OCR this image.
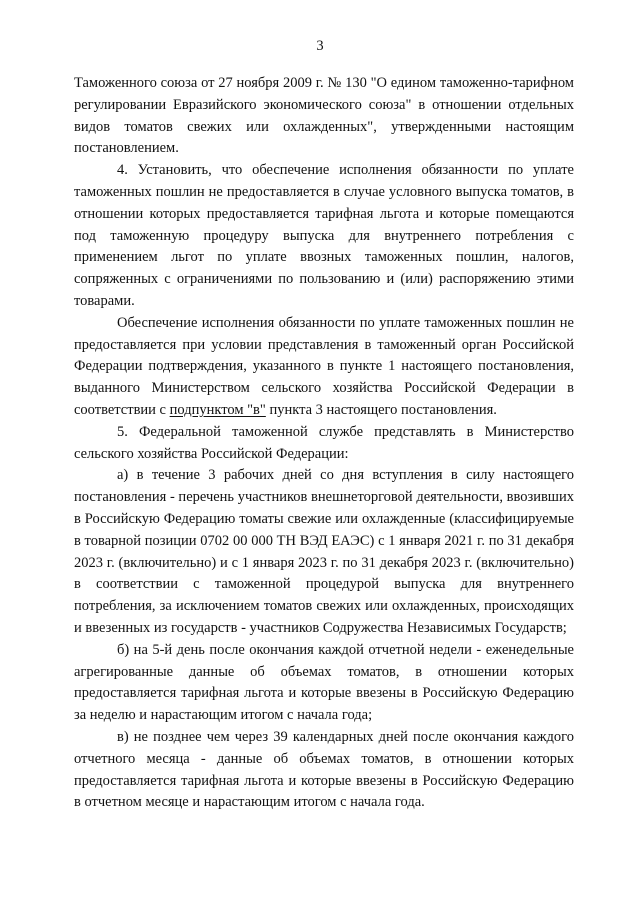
3

Таможенного союза от 27 ноября 2009 г. № 130 "О едином таможенно-тарифном регулировании Евразийского экономического союза" в отношении отдельных видов томатов свежих или охлажденных", утвержденными настоящим постановлением.

4. Установить, что обеспечение исполнения обязанности по уплате таможенных пошлин не предоставляется в случае условного выпуска томатов, в отношении которых предоставляется тарифная льгота и которые помещаются под таможенную процедуру выпуска для внутреннего потребления с применением льгот по уплате ввозных таможенных пошлин, налогов, сопряженных с ограничениями по пользованию и (или) распоряжению этими товарами.

Обеспечение исполнения обязанности по уплате таможенных пошлин не предоставляется при условии представления в таможенный орган Российской Федерации подтверждения, указанного в пункте 1 настоящего постановления, выданного Министерством сельского хозяйства Российской Федерации в соответствии с подпунктом "в" пункта 3 настоящего постановления.

5. Федеральной таможенной службе представлять в Министерство сельского хозяйства Российской Федерации:

а) в течение 3 рабочих дней со дня вступления в силу настоящего постановления - перечень участников внешнеторговой деятельности, ввозивших в Российскую Федерацию томаты свежие или охлажденные (классифицируемые в товарной позиции 0702 00 000 ТН ВЭД ЕАЭС) с 1 января 2021 г. по 31 декабря 2023 г. (включительно) и с 1 января 2023 г. по 31 декабря 2023 г. (включительно) в соответствии с таможенной процедурой выпуска для внутреннего потребления, за исключением томатов свежих или охлажденных, происходящих и ввезенных из государств - участников Содружества Независимых Государств;

б) на 5-й день после окончания каждой отчетной недели - еженедельные агрегированные данные об объемах томатов, в отношении которых предоставляется тарифная льгота и которые ввезены в Российскую Федерацию за неделю и нарастающим итогом с начала года;

в) не позднее чем через 39 календарных дней после окончания каждого отчетного месяца - данные об объемах томатов, в отношении которых предоставляется тарифная льгота и которые ввезены в Российскую Федерацию в отчетном месяце и нарастающим итогом с начала года.
